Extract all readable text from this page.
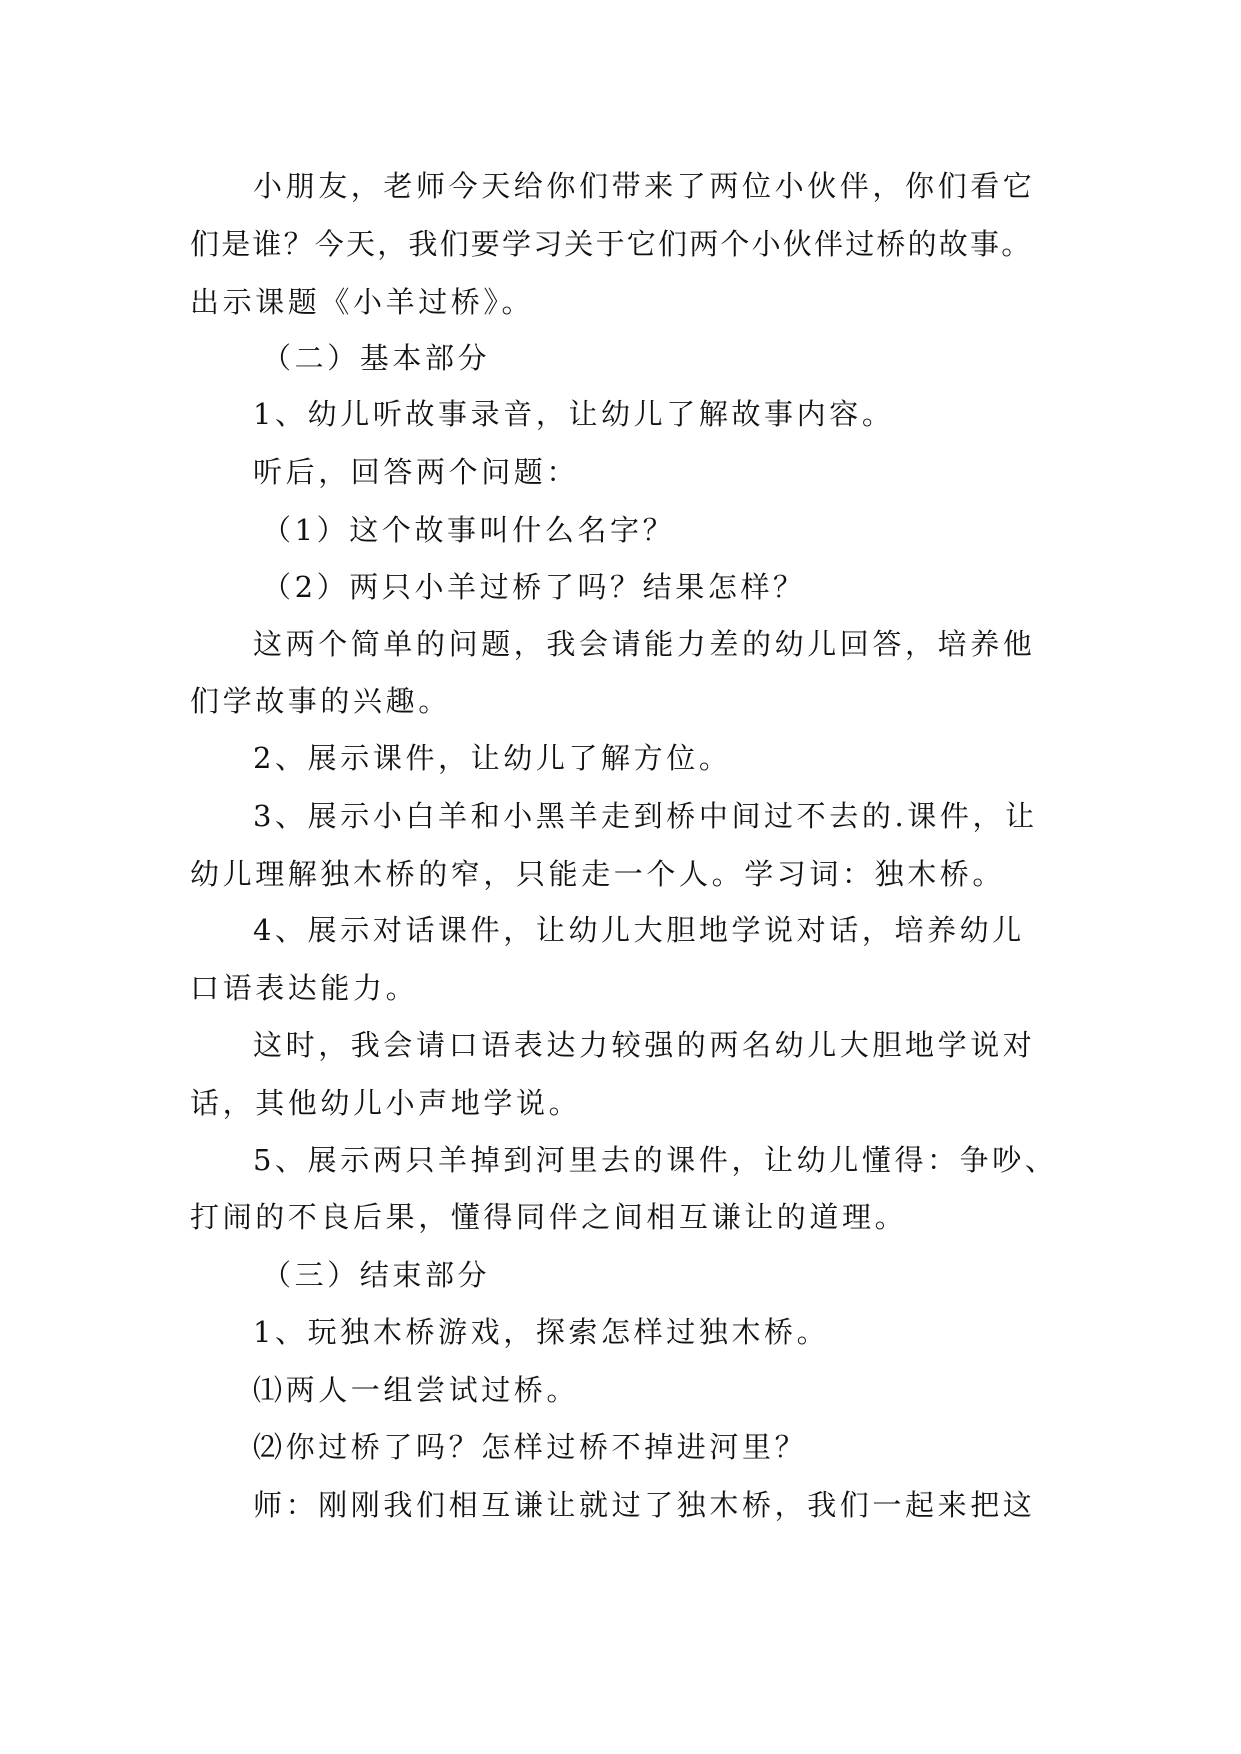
小朋友，老师今天给你们带来了两位小伙伴，你们看它
们是谁？今天，我们要学习关于它们两个小伙伴过桥的故事。
出示课题《小羊过桥》。
（二）基本部分
1、幼儿听故事录音，让幼儿了解故事内容。
听后，回答两个问题：
（1）这个故事叫什么名字？
（2）两只小羊过桥了吗？结果怎样？
这两个简单的问题，我会请能力差的幼儿回答，培养他
们学故事的兴趣。
2、展示课件，让幼儿了解方位。
3、展示小白羊和小黑羊走到桥中间过不去的.课件，让
幼儿理解独木桥的窄，只能走一个人。学习词：独木桥。
4、展示对话课件，让幼儿大胆地学说对话，培养幼儿
口语表达能力。
这时，我会请口语表达力较强的两名幼儿大胆地学说对
话，其他幼儿小声地学说。
5、展示两只羊掉到河里去的课件，让幼儿懂得：争吵、
打闹的不良后果，懂得同伴之间相互谦让的道理。
（三）结束部分
1、玩独木桥游戏，探索怎样过独木桥。
⑴两人一组尝试过桥。
⑵你过桥了吗？怎样过桥不掉进河里？
师：刚刚我们相互谦让就过了独木桥，我们一起来把这
